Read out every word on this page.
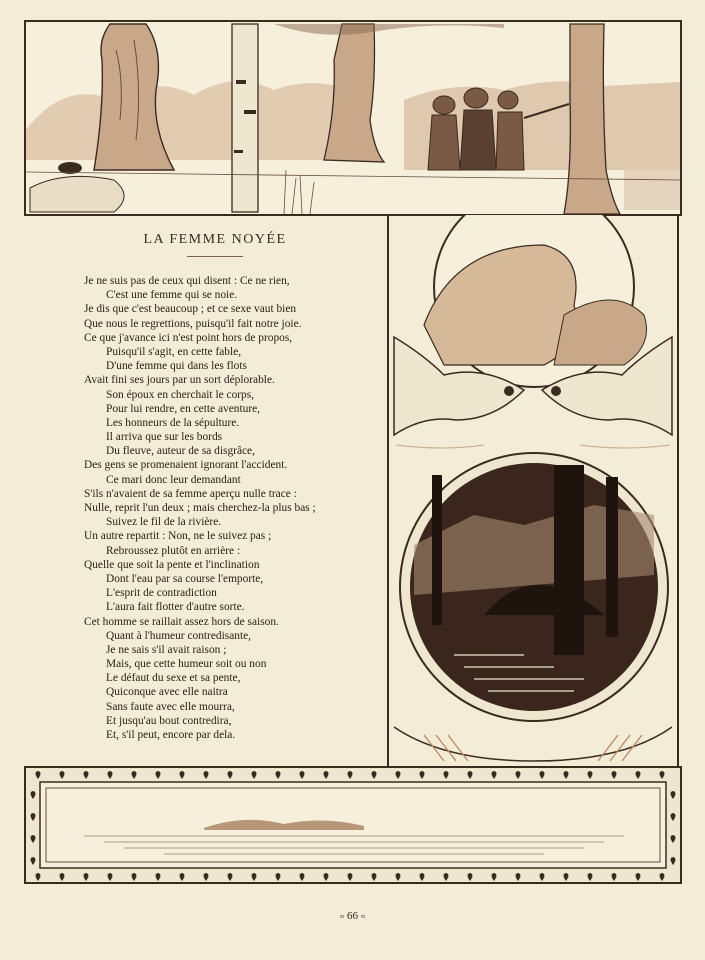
LA FEMME NOYÉE
Je ne suis pas de ceux qui disent : Ce ne rien,
C'est une femme qui se noie.
Je dis que c'est beaucoup ; et ce sexe vaut bien
Que nous le regrettions, puisqu'il fait notre joie.
Ce que j'avance ici n'est point hors de propos,
Puisqu'il s'agit, en cette fable,
D'une femme qui dans les flots
Avait fini ses jours par un sort déplorable.
Son époux en cherchait le corps,
Pour lui rendre, en cette aventure,
Les honneurs de la sépulture.
Il arriva que sur les bords
Du fleuve, auteur de sa disgrâce,
Des gens se promenaient ignorant l'accident.
Ce mari donc leur demandant
S'ils n'avaient de sa femme aperçu nulle trace :
Nulle, reprit l'un deux ; mais cherchez-la plus bas ;
Suivez le fil de la rivière.
Un autre repartit : Non, ne le suivez pas ;
Rebroussez plutôt en arrière :
Quelle que soit la pente et l'inclination
Dont l'eau par sa course l'emporte,
L'esprit de contradiction
L'aura fait flotter d'autre sorte.
Cet homme se raillait assez hors de saison.
Quant à l'humeur contredisante,
Je ne sais s'il avait raison ;
Mais, que cette humeur soit ou non
Le défaut du sexe et sa pente,
Quiconque avec elle naitra
Sans faute avec elle mourra,
Et jusqu'au bout contredira,
Et, s'il peut, encore par dela.
≈ 66 ≈
